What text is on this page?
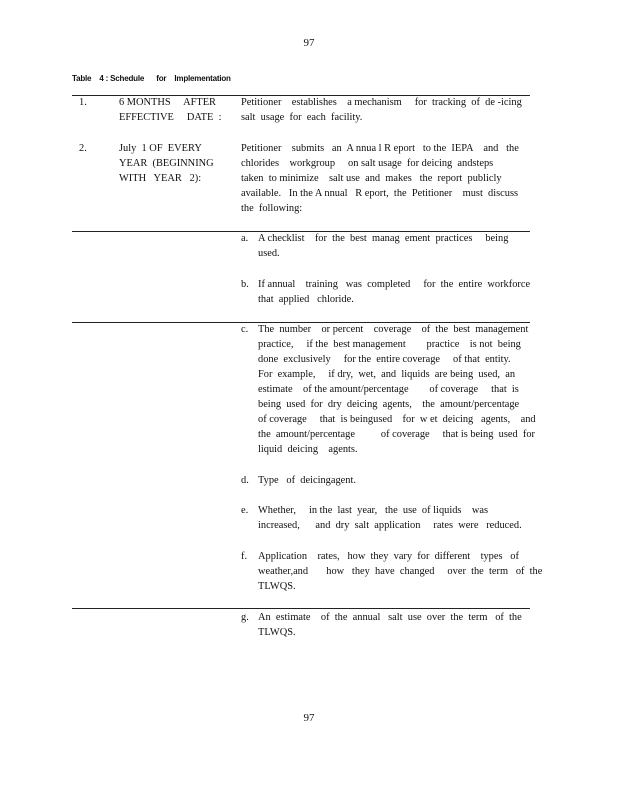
97
Table    4 : Schedule      for    Implementation
1.	6 MONTHS     AFTER
EFFECTIVE     DATE  :
Petitioner    establishes    a mechanism     for  tracking  of  de -icing
salt  usage  for  each  facility.
2.	July  1 OF  EVERY
YEAR  (BEGINNING
WITH   YEAR   2):
Petitioner    submits   an  A nnua l R eport   to the  IEPA    and   the
chlorides    workgroup     on salt usage  for deicing  andsteps
taken  to minimize    salt use  and  makes   the  report  publicly
available.   In the A nnual   R eport,  the  Petitioner    must  discuss
the  following:
a. A checklist    for  the  best  manag  ement  practices     being
used.
b. If annual    training   was  completed     for  the  entire  workforce
that  applied   chloride.
c. The  number    or percent    coverage    of  the  best  management
practice,     if the  best management        practice    is not  being
done  exclusively     for the  entire coverage     of that  entity.
For  example,     if dry,  wet,  and  liquids  are being  used,  an
estimate    of the amount/percentage        of coverage     that  is
being  used  for  dry  deicing  agents,    the  amount/percentage
of coverage     that  is beingused    for  w et  deicing   agents,    and
the  amount/percentage          of coverage     that is being  used  for
liquid  deicing    agents.
d. Type   of  deicingagent.
e. Whether,     in the  last  year,   the  use  of liquids    was
increased,      and  dry  salt  application     rates  were   reduced.
f. Application    rates,   how  they  vary  for  different    types   of
weather,and       how   they  have  changed     over  the  term   of  the
TLWQS.
g. An  estimate    of  the  annual   salt  use  over  the  term   of  the
TLWQS.
97
